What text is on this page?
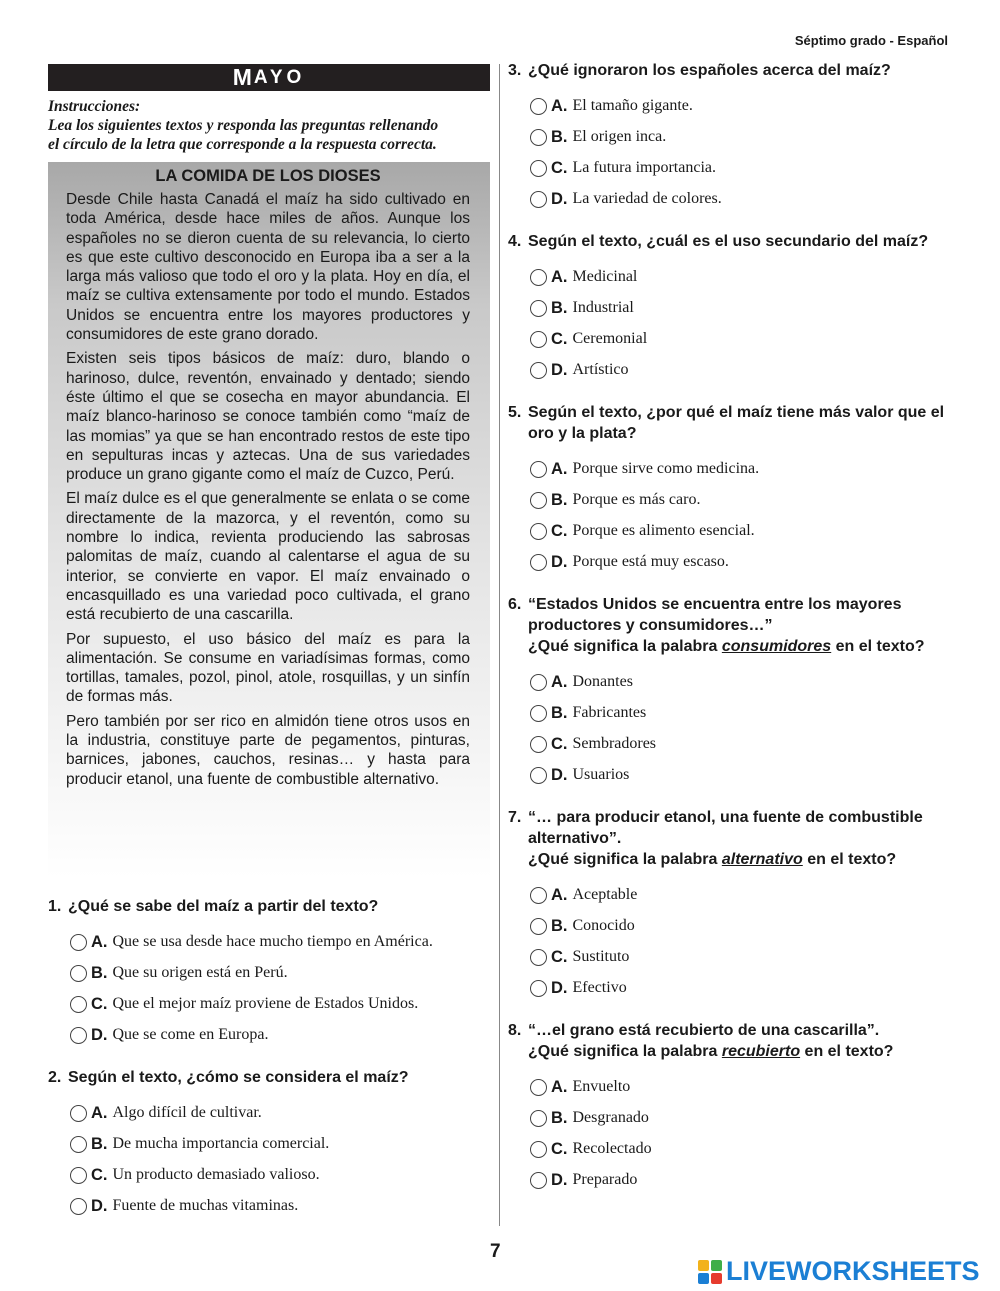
Séptimo grado - Español
M AYO
Instrucciones:
Lea los siguientes textos y responda las preguntas rellenando
el círculo de la letra que corresponde a la respuesta correcta.
LA COMIDA DE LOS DIOSES

Desde Chile hasta Canadá el maíz ha sido cultivado en toda América, desde hace miles de años. Aunque los españoles no se dieron cuenta de su relevancia, lo cierto es que este cultivo desconocido en Europa iba a ser a la larga más valioso que todo el oro y la plata. Hoy en día, el maíz se cultiva extensamente por todo el mundo. Estados Unidos se encuentra entre los mayores productores y consumidores de este grano dorado.

Existen seis tipos básicos de maíz: duro, blando o harinoso, dulce, reventón, envainado y dentado; siendo éste último el que se cosecha en mayor abundancia. El maíz blanco-harinoso se conoce también como “maíz de las momias” ya que se han encontrado restos de este tipo en sepulturas incas y aztecas. Una de sus variedades produce un grano gigante como el maíz de Cuzco, Perú.

El maíz dulce es el que generalmente se enlata o se come directamente de la mazorca, y el reventón, como su nombre lo indica, revienta produciendo las sabrosas palomitas de maíz, cuando al calentarse el agua de su interior, se convierte en vapor. El maíz envainado o encasquillado es una variedad poco cultivada, el grano está recubierto de una cascarilla.

Por supuesto, el uso básico del maíz es para la alimentación. Se consume en variadísimas formas, como tortillas, tamales, pozol, pinol, atole, rosquillas, y un sinfín de formas más.

Pero también por ser rico en almidón tiene otros usos en la industria, constituye parte de pegamentos, pinturas, barnices, jabones, cauchos, resinas… y hasta para producir etanol, una fuente de combustible alternativo.

1. ¿Qué se sabe del maíz a partir del texto?
A. Que se usa desde hace mucho tiempo en América.
B. Que su origen está en Perú.
C. Que el mejor maíz proviene de Estados Unidos.
D. Que se come en Europa.
2. Según el texto, ¿cómo se considera el maíz?
A. Algo difícil de cultivar.
B. De mucha importancia comercial.
C. Un producto demasiado valioso.
D. Fuente de muchas vitaminas.
3. ¿Qué ignoraron los españoles acerca del maíz?
A. El tamaño gigante.
B. El origen inca.
C. La futura importancia.
D. La variedad de colores.
4. Según el texto, ¿cuál es el uso secundario del maíz?
A. Medicinal
B. Industrial
C. Ceremonial
D. Artístico
5. Según el texto, ¿por qué el maíz tiene más valor que el oro y la plata?
A. Porque sirve como medicina.
B. Porque es más caro.
C. Porque es alimento esencial.
D. Porque está muy escaso.
6. “Estados Unidos se encuentra entre los mayores productores y consumidores…”
¿Qué significa la palabra consumidores en el texto?
A. Donantes
B. Fabricantes
C. Sembradores
D. Usuarios
7. “… para producir etanol, una fuente de combustible alternativo”.
¿Qué significa la palabra alternativo en el texto?
A. Aceptable
B. Conocido
C. Sustituto
D. Efectivo
8. “…el grano está recubierto de una cascarilla”.
¿Qué significa la palabra recubierto en el texto?
A. Envuelto
B. Desgranado
C. Recolectado
D. Preparado
7
LIVEWORKSHEETS
